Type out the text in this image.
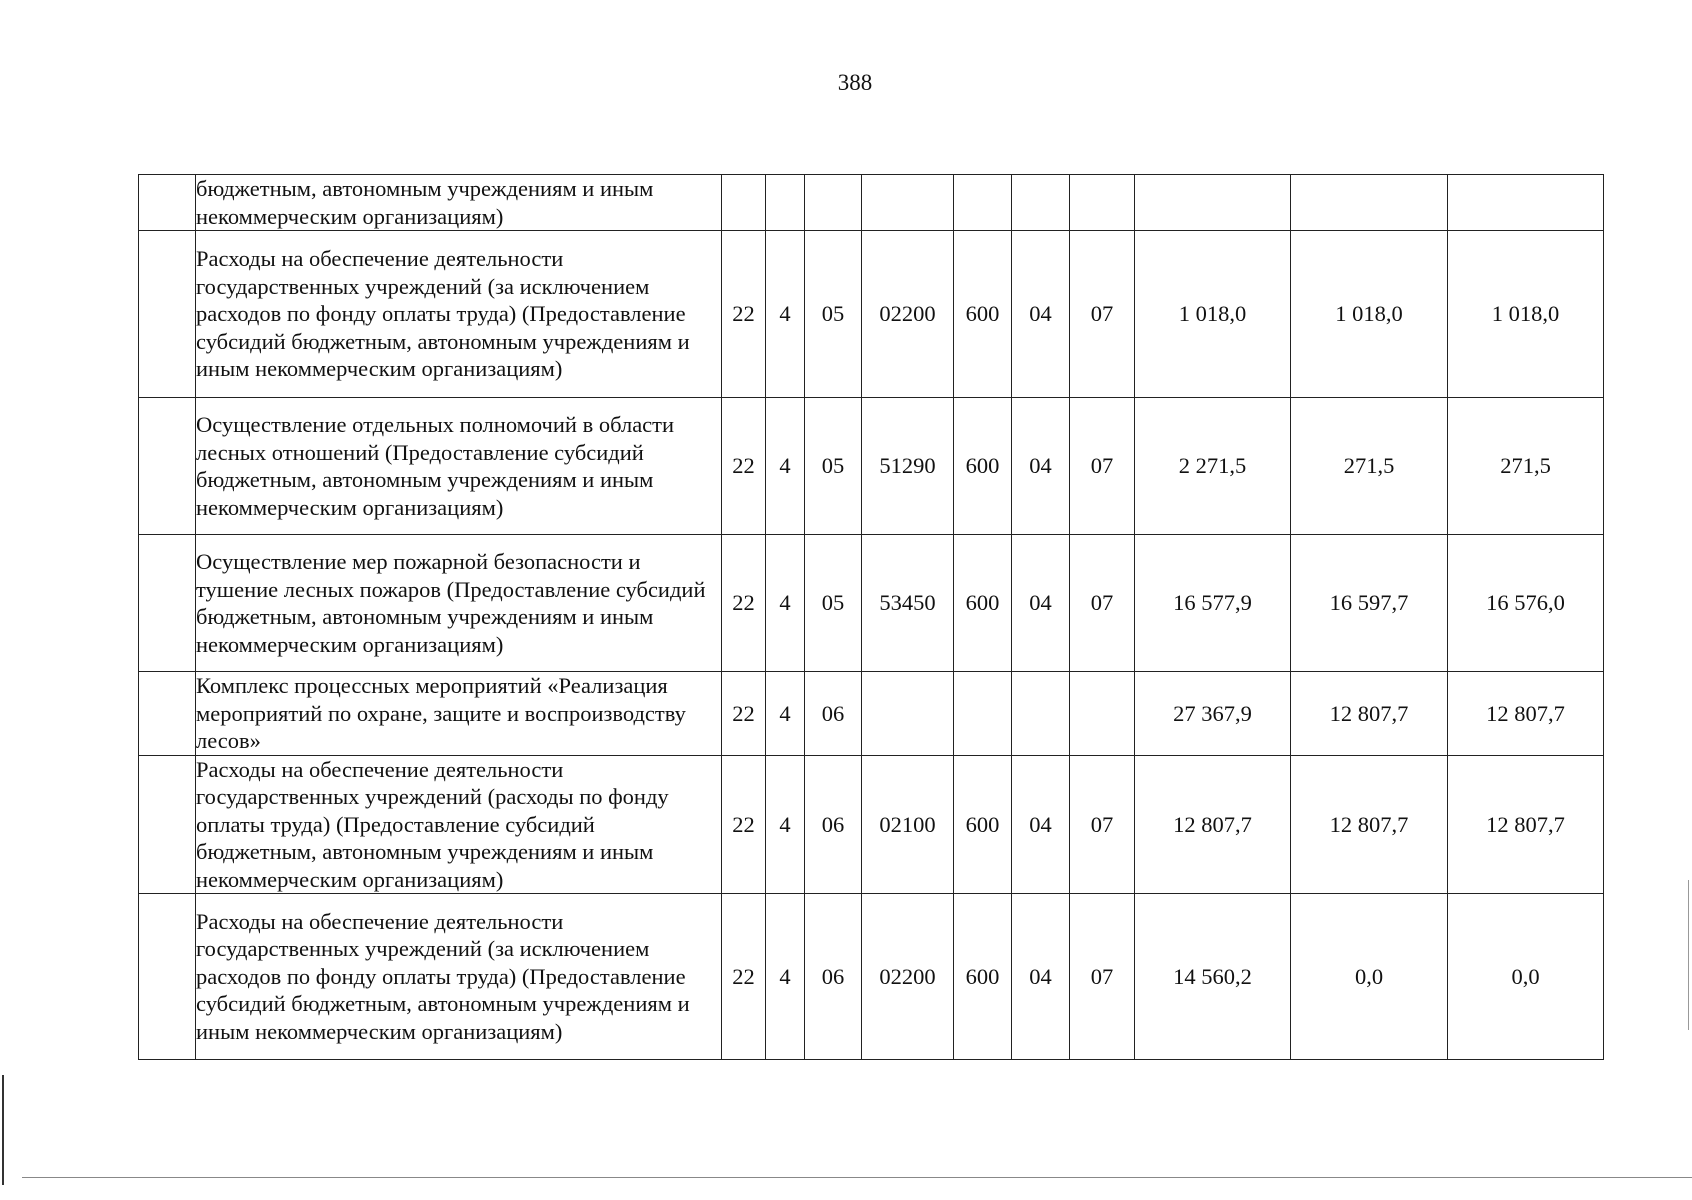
388
	бюджетным, автономным учреждениям и иным некоммерческим организациям)										
	Расходы на обеспечение деятельности государственных учреждений (за исключением расходов по фонду оплаты труда) (Предоставление субсидий бюджетным, автономным учреждениям и иным некоммерческим организациям)	22	4	05	02200	600	04	07	1 018,0	1 018,0	1 018,0
	Осуществление отдельных полномочий в области лесных отношений (Предоставление субсидий бюджетным, автономным учреждениям и иным некоммерческим организациям)	22	4	05	51290	600	04	07	2 271,5	271,5	271,5
	Осуществление мер пожарной безопасности и тушение лесных пожаров (Предоставление субсидий бюджетным, автономным учреждениям и иным некоммерческим организациям)	22	4	05	53450	600	04	07	16 577,9	16 597,7	16 576,0
	Комплекс процессных мероприятий «Реализация мероприятий по охране, защите и воспроизводству лесов»	22	4	06					27 367,9	12 807,7	12 807,7
	Расходы на обеспечение деятельности государственных учреждений (расходы по фонду оплаты труда) (Предоставление субсидий бюджетным, автономным учреждениям и иным некоммерческим организациям)	22	4	06	02100	600	04	07	12 807,7	12 807,7	12 807,7
	Расходы на обеспечение деятельности государственных учреждений (за исключением расходов по фонду оплаты труда) (Предоставление субсидий бюджетным, автономным учреждениям и иным некоммерческим организациям)	22	4	06	02200	600	04	07	14 560,2	0,0	0,0
